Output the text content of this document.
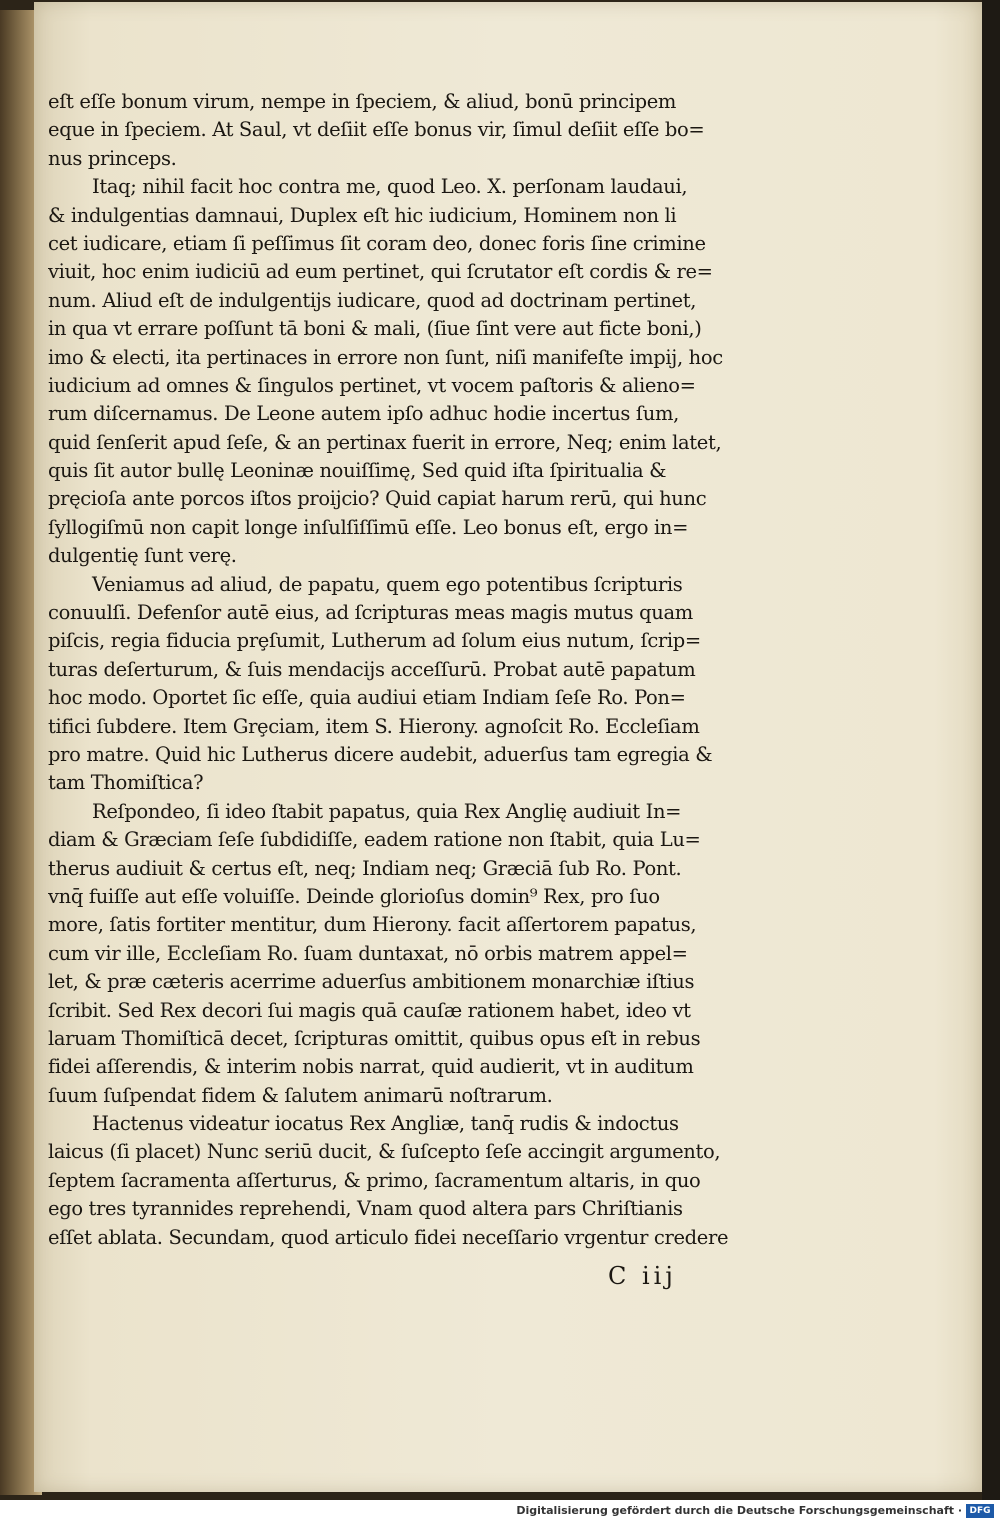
eſt eſſe bonum virum, nempe in ſpeciem, & aliud, bonū principem
eque in ſpeciem. At Saul, vt deſiit eſſe bonus vir, ſimul deſiit eſſe bo=
nus princeps.
Itaq; nihil facit hoc contra me, quod Leo. X. perſonam laudaui,
& indulgentias damnaui, Duplex eſt hic iudicium, Hominem non li
cet iudicare, etiam ſi peſſimus ſit coram deo, donec foris ſine crimine
viuit, hoc enim iudiciū ad eum pertinet, qui ſcrutator eſt cordis & re=
num. Aliud eſt de indulgentijs iudicare, quod ad doctrinam pertinet,
in qua vt errare poſſunt tā boni & mali, (ſiue ſint vere aut ficte boni,)
imo & electi, ita pertinaces in errore non ſunt, niſi manifeſte impij, hoc
iudicium ad omnes & ſingulos pertinet, vt vocem paſtoris & alieno=
rum diſcernamus. De Leone autem ipſo adhuc hodie incertus ſum,
quid ſenſerit apud ſeſe, & an pertinax fuerit in errore, Neq; enim latet,
quis ſit autor bullę Leoninæ nouiſſimę, Sed quid iſta ſpiritualia &
pręcioſa ante porcos iſtos proijcio? Quid capiat harum rerū, qui hunc
ſyllogiſmū non capit longe inſulſiſſimū eſſe. Leo bonus eſt, ergo in=
dulgentię ſunt verę.
Veniamus ad aliud, de papatu, quem ego potentibus ſcripturis
conuulſi. Defenſor autē eius, ad ſcripturas meas magis mutus quam
piſcis, regia fiducia prȩſumit, Lutherum ad ſolum eius nutum, ſcrip=
turas deſerturum, & ſuis mendacijs acceſſurū. Probat autē papatum
hoc modo. Oportet ſic eſſe, quia audiui etiam Indiam ſeſe Ro. Pon=
tifici ſubdere. Item Grȩciam, item S. Hierony. agnoſcit Ro. Eccleſiam
pro matre. Quid hic Lutherus dicere audebit, aduerſus tam egregia &
tam Thomiſtica?
Reſpondeo, ſi ideo ſtabit papatus, quia Rex Anglię audiuit In=
diam & Græciam ſeſe ſubdidiſſe, eadem ratione non ſtabit, quia Lu=
therus audiuit & certus eſt, neq; Indiam neq; Græciā ſub Ro. Pont.
vnq̄ fuiſſe aut eſſe voluiſſe. Deinde glorioſus domin⁹ Rex, pro ſuo
more, ſatis fortiter mentitur, dum Hierony. facit aſſertorem papatus,
cum vir ille, Eccleſiam Ro. ſuam duntaxat, nō orbis matrem appel=
let, & præ cæteris acerrime aduerſus ambitionem monarchiæ iſtius
ſcribit. Sed Rex decori ſui magis quā cauſæ rationem habet, ideo vt
laruam Thomiſticā decet, ſcripturas omittit, quibus opus eſt in rebus
fidei aſſerendis, & interim nobis narrat, quid audierit, vt in auditum
ſuum ſuſpendat fidem & ſalutem animarū noſtrarum.
Hactenus videatur iocatus Rex Angliæ, tanq̄ rudis & indoctus
laicus (ſi placet) Nunc seriū ducit, & ſuſcepto ſeſe accingit argumento,
ſeptem ſacramenta aſſerturus, & primo, ſacramentum altaris, in quo
ego tres tyrannides reprehendi, Vnam quod altera pars Chriſtianis
eſſet ablata. Secundam, quod articulo fidei neceſſario vrgentur credere
C iij
Digitalisierung gefördert durch die Deutsche Forschungsgemeinschaft · DFG
